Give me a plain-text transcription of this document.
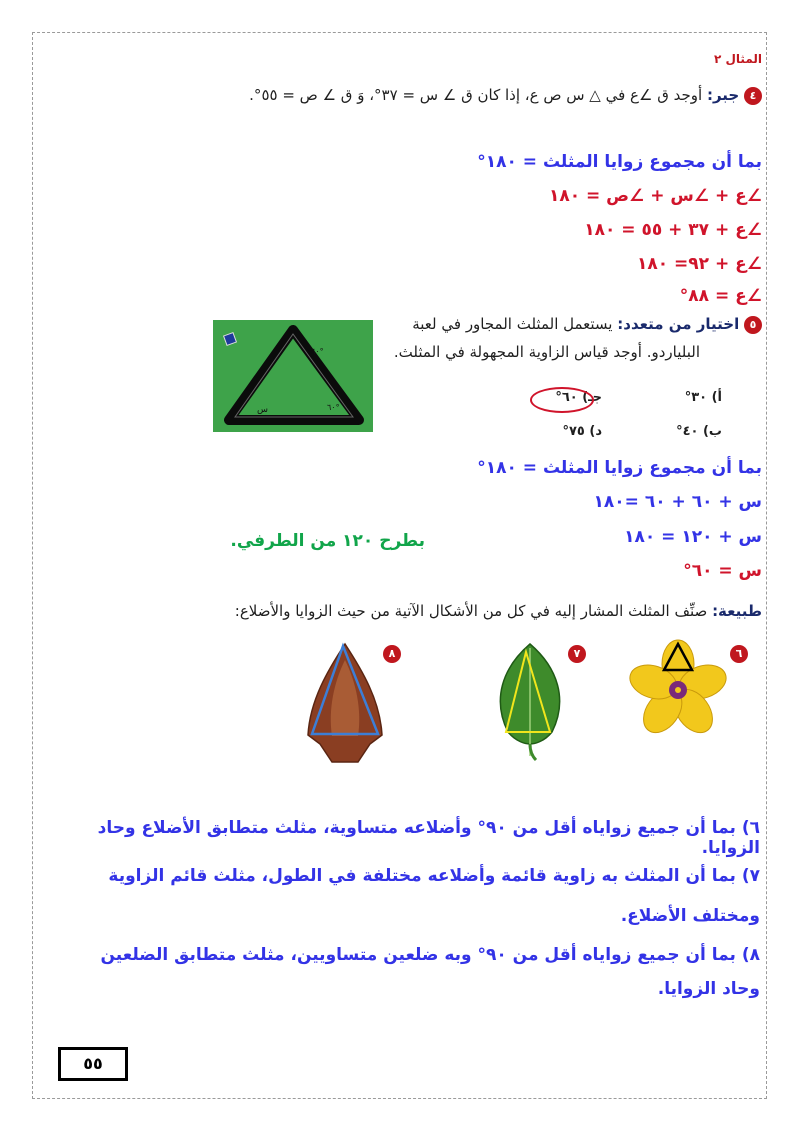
المثال ٢
٤ جبر: أوجد ق ∠ع في △ س ص ع، إذا كان ق ∠ س = ٣٧°، وَ ق ∠ ص = ٥٥°.
بما أن مجموع زوايا المثلث = ١٨٠°
∠ع + ∠س + ∠ص = ١٨٠
∠ع + ٣٧ + ٥٥ = ١٨٠
∠ع + ٩٢= ١٨٠
∠ع = ٨٨°
٥ اختيار من متعدد: يستعمل المثلث المجاور في لعبة
البلياردو. أوجد قياس الزاوية المجهولة في المثلث.
أ) ٣٠°
جـ) ٦٠°
ب) ٤٠°
د) ٧٥°
٦٠°
٦٠°
س
بما أن مجموع زوايا المثلث = ١٨٠°
س + ٦٠ + ٦٠ =١٨٠
س + ١٢٠ = ١٨٠
بطرح ١٢٠ من الطرفي.
س = ٦٠°
طبيعة: صنِّف المثلث المشار إليه في كل من الأشكال الآتية من حيث الزوايا والأضلاع:
٦
٧
٨
٦) بما أن جميع زواياه أقل من ٩٠° وأضلاعه متساوية، مثلث متطابق الأضلاع وحاد الزوايا.
٧) بما أن المثلث به زاوية قائمة وأضلاعه مختلفة في الطول، مثلث قائم الزاوية ومختلف الأضلاع.
٨) بما أن جميع زواياه أقل من ٩٠° وبه ضلعين متساويين، مثلث متطابق الضلعين وحاد الزوايا.
٥٥
